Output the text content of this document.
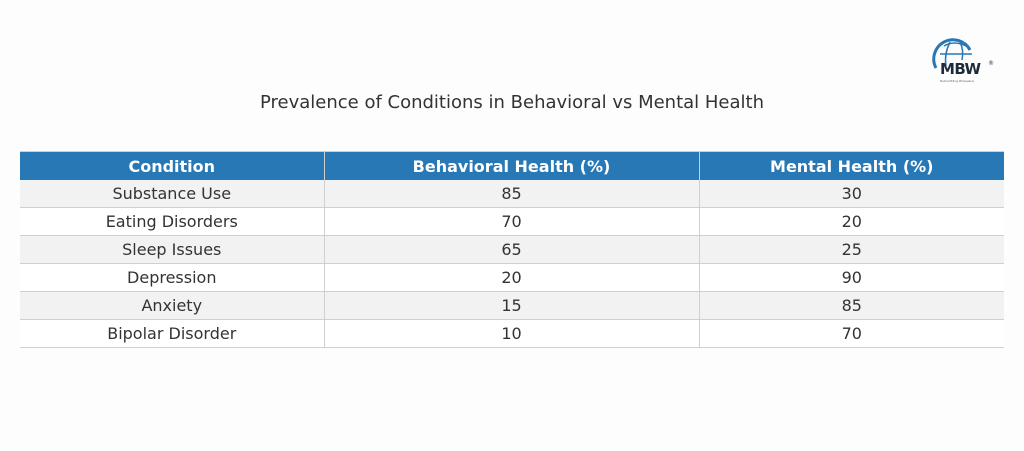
MBW ®
Medical Billing Wholesalers
Prevalence of Conditions in Behavioral vs Mental Health
Condition	Behavioral Health (%)	Mental Health (%)
Substance Use	85	30
Eating Disorders	70	20
Sleep Issues	65	25
Depression	20	90
Anxiety	15	85
Bipolar Disorder	10	70
